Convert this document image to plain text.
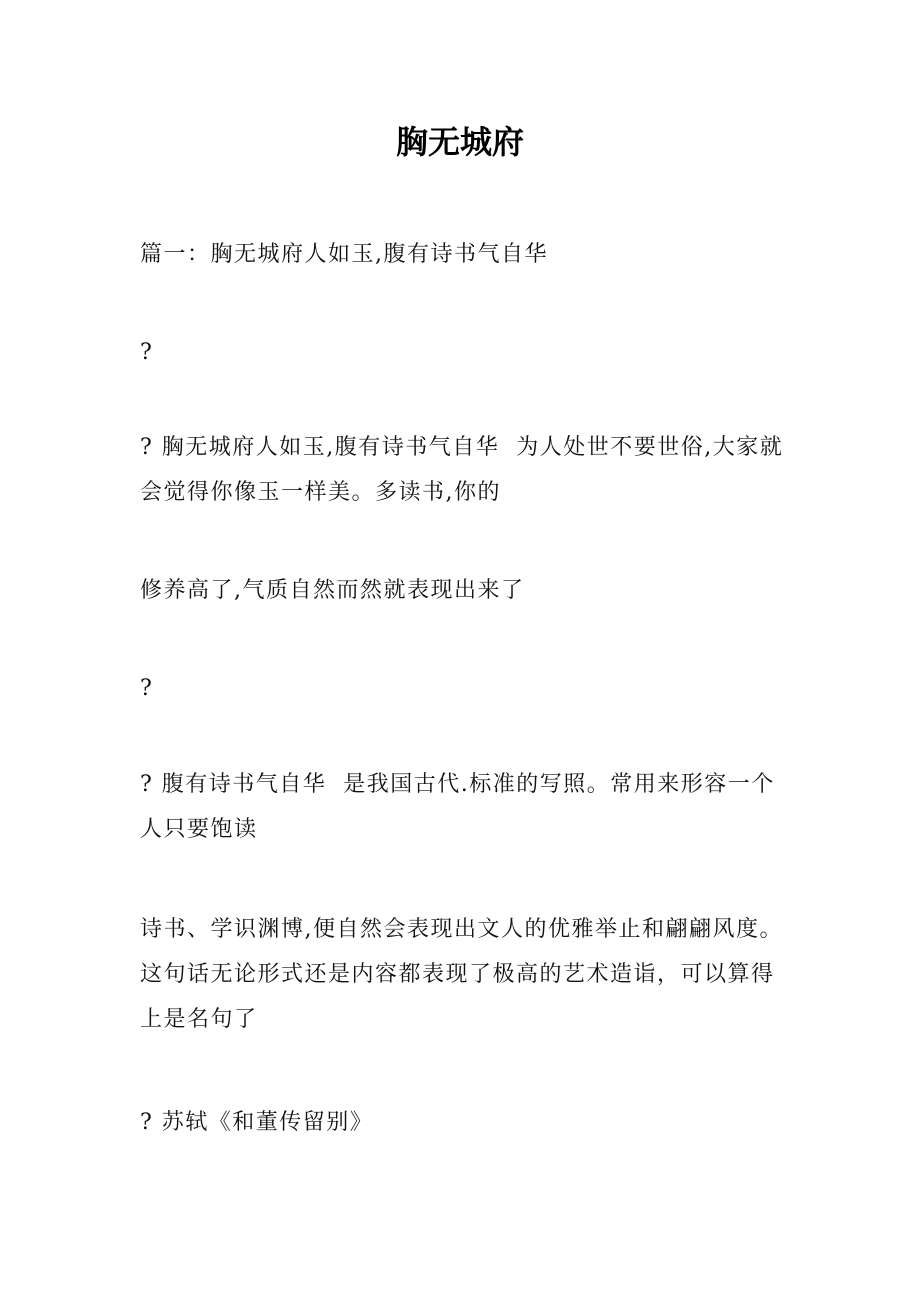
胸无城府

篇一：胸无城府人如玉,腹有诗书气自华

?

? 胸无城府人如玉,腹有诗书气自华  为人处世不要世俗,大家就会觉得你像玉一样美。多读书,你的

修养高了,气质自然而然就表现出来了

?

? 腹有诗书气自华  是我国古代.标准的写照。常用来形容一个人只要饱读

诗书、学识渊博,便自然会表现出文人的优雅举止和翩翩风度。这句话无论形式还是内容都表现了极高的艺术造诣，可以算得上是名句了

? 苏轼《和董传留别》
